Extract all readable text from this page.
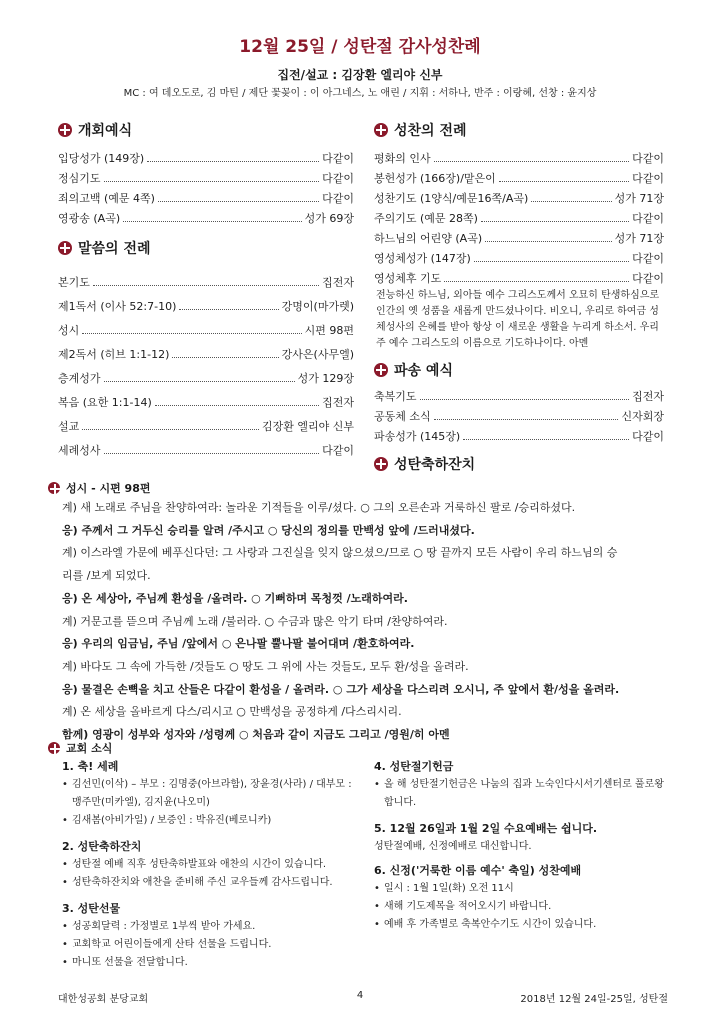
12월 25일 / 성탄절 감사성찬례
집전/설교 : 김장환 엘리야 신부
MC : 여 데오도로, 김 마틴 / 제단 꽃꽂이 : 이 아그네스, 노 애린 / 지휘 : 서하나, 반주 : 이랑혜, 선창 : 윤지상
개회예식
입당성가 (149장)	다같이
정심기도	다같이
죄의고백 (예문 4쪽)	다같이
영광송 (A곡)	성가 69장
말씀의 전례
본기도	집전자
제1독서 (이사 52:7-10)	강명이(마가렛)
성시	시편 98편
제2독서 (히브 1:1-12)	강사은(사무엘)
층계성가	성가 129장
복음 (요한 1:1-14)	집전자
설교	김장환 엘리야 신부
세례성사	다같이
성찬의 전례
평화의 인사	다같이
봉헌성가 (166장)/맡은이	다같이
성찬기도 (1양식/예문16쪽/A곡)	성가 71장
주의기도 (예문 28쪽)	다같이
하느님의 어린양 (A곡)	성가 71장
영성체성가 (147장)	다같이
영성체후 기도	다같이
전능하신 하느님, 외아들 예수 그리스도께서 오묘히 탄생하심으로 인간의 옛 성품을 새롭게 만드셨나이다. 비오니, 우리로 하여금 성체성사의 은혜를 받아 항상 이 새로운 생활을 누리게 하소서. 우리 주 예수 그리스도의 이름으로 기도하나이다. 아멘
파송 예식
축복기도	집전자
공동체 소식	신자회장
파송성가 (145장)	다같이
성탄축하잔치
성시 - 시편 98편
계) 새 노래로 주님을 찬양하여라: 놀라운 기적들을 이루/셨다. ○ 그의 오른손과 거룩하신 팔로 /승리하셨다.
응) 주께서 그 거두신 승리를 알려 /주시고 ○ 당신의 정의를 만백성 앞에 /드러내셨다.
계) 이스라엘 가문에 베푸신다던: 그 사랑과 그진실을 잊지 않으셨으/므로 ○ 땅 끝까지 모든 사람이 우리 하느님의 승
리를 /보게 되었다.
응) 온 세상아, 주님께 환성을 /올려라. ○ 기뻐하며 목청껏 /노래하여라.
계) 거문고를 뜯으며 주님께 노래 /불러라. ○ 수금과 많은 악기 타며 /찬양하여라.
응) 우리의 임금님, 주님 /앞에서 ○ 은나팔 뿔나팔 불어대며 /환호하여라.
계) 바다도 그 속에 가득한 /것들도 ○ 땅도 그 위에 사는 것들도, 모두 환/성을 올려라.
응) 물결은 손뼉을 치고 산들은 다같이 환성을 / 올려라. ○ 그가 세상을 다스리려 오시니, 주 앞에서 환/성을 올려라.
계) 온 세상을 올바르게 다스/리시고 ○ 만백성을 공정하게 /다스리시리.
함께) 영광이 성부와 성자와 /성령께 ○ 처음과 같이 지금도 그리고 /영원/히 아멘
교회 소식
1. 축! 세례
• 김선민(이삭) – 부모 : 김명중(아브라함), 장윤경(사라) / 대부모 : 맹주만(미카엘), 김지윤(나오미)
• 김새봄(아비가일) / 보증인 : 박유진(베로니카)
2. 성탄축하잔치
• 성탄절 예배 직후 성탄축하발표와 애찬의 시간이 있습니다.
• 성탄축하잔치와 애찬을 준비해 주신 교우들께 감사드립니다.
3. 성탄선물
• 성공회달력 : 가정별로 1부씩 받아 가세요.
• 교회학교 어린이들에게 산타 선물을 드립니다.
• 마니또 선물을 전달합니다.
4. 성탄절기헌금
• 올 해 성탄절기헌금은 나눔의 집과 노숙인다시서기센터로 풀로왕합니다.
5. 12월 26일과 1월 2일 수요예배는 쉽니다.
성탄절예배, 신정예배로 대신합니다.
6. 신정('거룩한 이름 예수' 축일) 성찬예배
• 일시 : 1월 1일(화) 오전 11시
• 새해 기도제목을 적어오시기 바랍니다.
• 예배 후 가족별로 축복안수기도 시간이 있습니다.
대한성공회 분당교회	4	2018년 12월 24일-25일, 성탄절
